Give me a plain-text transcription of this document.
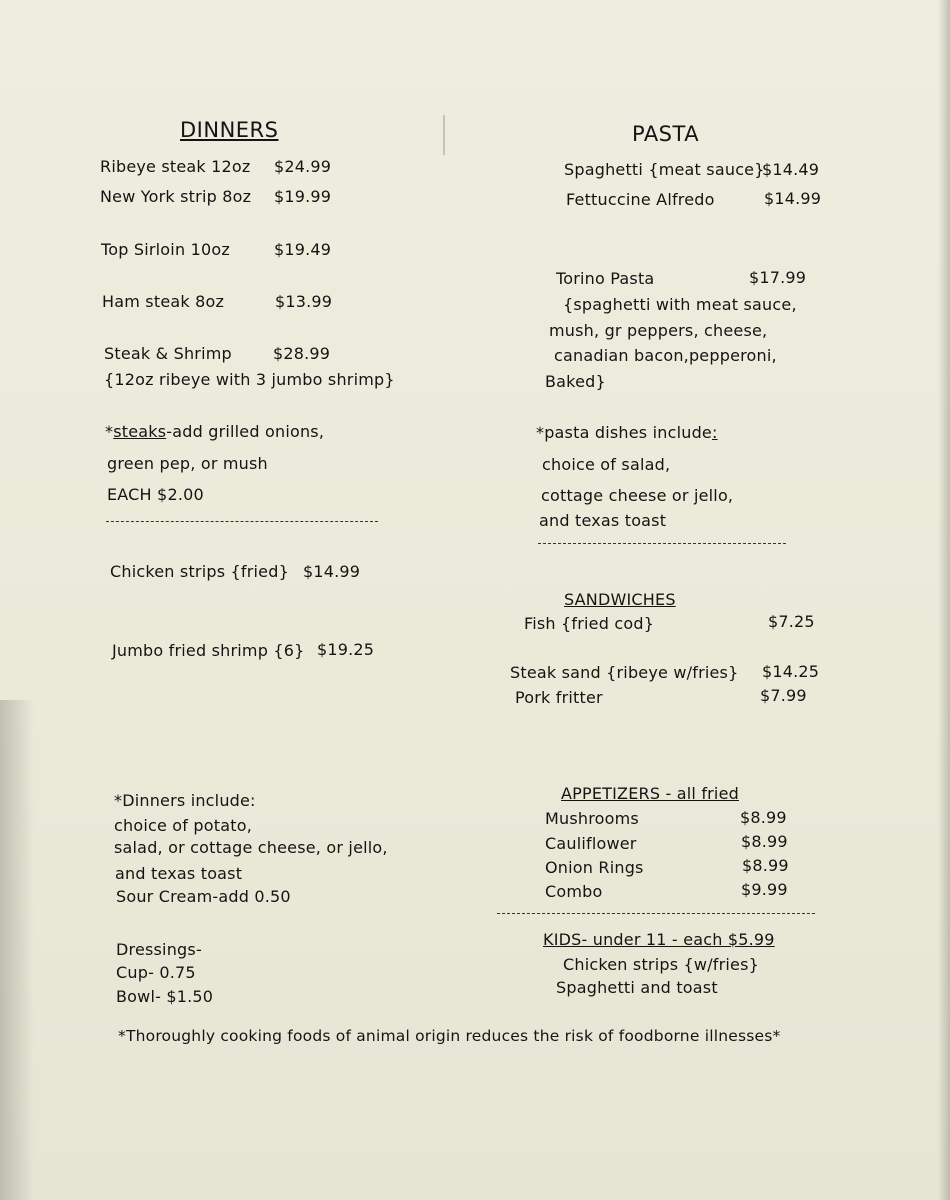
DINNERS
Ribeye steak 12oz $24.99
New York strip 8oz $19.99
Top Sirloin 10oz	$19.49
Ham steak 8oz	$13.99
Steak & Shrimp	$28.99
{12oz ribeye with 3 jumbo shrimp}
*steaks-add grilled onions,
green pep, or mush
EACH $2.00
Chicken strips {fried} $14.99
Jumbo fried shrimp {6} $19.25
*Dinners include:
choice of potato,
salad, or cottage cheese, or jello,
and texas toast
Sour Cream-add 0.50
Dressings-
Cup- 0.75
Bowl- $1.50
PASTA
Spaghetti {meat sauce}
$14.49
Fettuccine Alfredo	$14.99
Torino Pasta	$17.99
{spaghetti with meat sauce,
mush, gr peppers, cheese,
canadian bacon,pepperoni,
Baked}
*pasta dishes include:
choice of salad,
cottage cheese or jello,
and texas toast
SANDWICHES
Fish {fried cod}	$7.25
Steak sand {ribeye w/fries} $14.25
Pork fritter	$7.99
APPETIZERS - all fried
Mushrooms	$8.99
Cauliflower	$8.99
Onion Rings	$8.99
Combo	$9.99
KIDS- under 11 - each $5.99
Chicken strips {w/fries}
Spaghetti and toast
*Thoroughly cooking foods of animal origin reduces the risk of foodborne illnesses*
